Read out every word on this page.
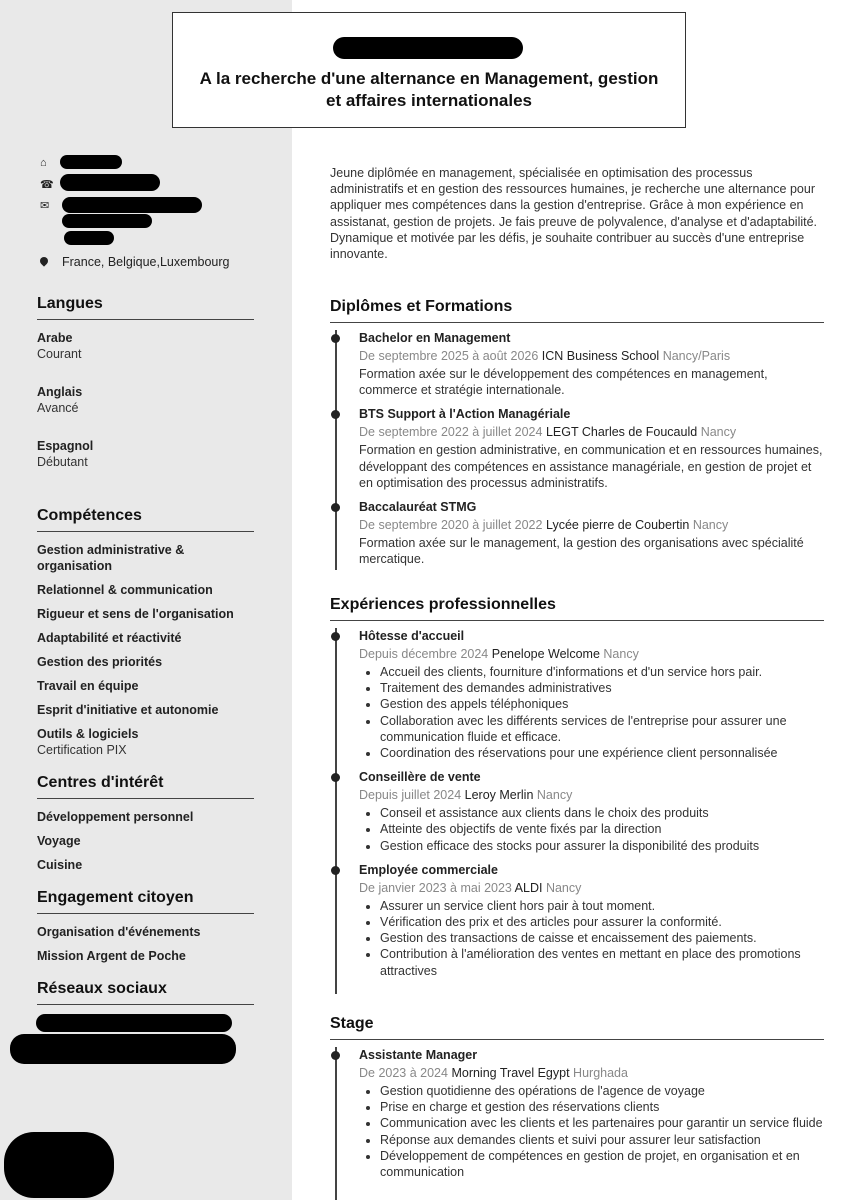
A la recherche d'une alternance en Management, gestion
et affaires internationales
⌂
☎
✉
France, Belgique,Luxembourg
Langues
Arabe
Courant
Anglais
Avancé
Espagnol
Débutant
Compétences
Gestion administrative & organisation
Relationnel & communication
Rigueur et sens de l'organisation
Adaptabilité et réactivité
Gestion des priorités
Travail en équipe
Esprit d'initiative et autonomie
Outils & logiciels
Certification PIX
Centres d'intérêt
Développement personnel
Voyage
Cuisine
Engagement citoyen
Organisation d'événements
Mission Argent de Poche
Réseaux sociaux

Jeune diplômée en management, spécialisée en optimisation des processus administratifs et en gestion des ressources humaines, je recherche une alternance pour appliquer mes compétences dans la gestion d'entreprise. Grâce à mon expérience en assistanat, gestion de projets. Je fais preuve de polyvalence, d'analyse et d'adaptabilité.

Dynamique et motivée par les défis, je souhaite contribuer au succès d'une entreprise innovante.

Diplômes et Formations
Bachelor en Management
De septembre 2025 à août 2026 ICN Business School Nancy/Paris
Formation axée sur le développement des compétences en management, commerce et stratégie internationale.
BTS Support à l'Action Managériale
De septembre 2022 à juillet 2024 LEGT Charles de Foucauld Nancy
Formation en gestion administrative, en communication et en ressources humaines, développant des compétences en assistance managériale, en gestion de projet et en optimisation des processus administratifs.
Baccalauréat STMG
De septembre 2020 à juillet 2022 Lycée pierre de Coubertin Nancy
Formation axée sur le management, la gestion des organisations avec spécialité mercatique.
Expériences professionnelles
Hôtesse d'accueil
Depuis décembre 2024 Penelope Welcome Nancy
• Accueil des clients, fourniture d'informations et d'un service hors pair.
• Traitement des demandes administratives
• Gestion des appels téléphoniques
• Collaboration avec les différents services de l'entreprise pour assurer une communication fluide et efficace.
• Coordination des réservations pour une expérience client personnalisée
Conseillère de vente
Depuis juillet 2024 Leroy Merlin Nancy
• Conseil et assistance aux clients dans le choix des produits
• Atteinte des objectifs de vente fixés par la direction
• Gestion efficace des stocks pour assurer la disponibilité des produits
Employée commerciale
De janvier 2023 à mai 2023 ALDI Nancy
• Assurer un service client hors pair à tout moment.
• Vérification des prix et des articles pour assurer la conformité.
• Gestion des transactions de caisse et encaissement des paiements.
• Contribution à l'amélioration des ventes en mettant en place des promotions attractives
Stage
Assistante Manager
De 2023 à 2024 Morning Travel Egypt Hurghada
• Gestion quotidienne des opérations de l'agence de voyage
• Prise en charge et gestion des réservations clients
• Communication avec les clients et les partenaires pour garantir un service fluide
• Réponse aux demandes clients et suivi pour assurer leur satisfaction
• Développement de compétences en gestion de projet, en organisation et en communication
